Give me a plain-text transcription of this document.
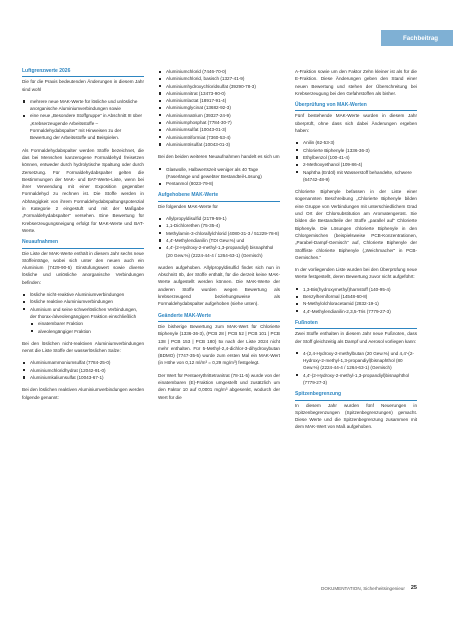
Fachbeitrag
Luftgrenzwerte 2026

Die für die Praxis bedeutenden Änderungen in diesem Jahr sind wohl

mehrere neue MAK-Werte für lösliche und unlösliche anorganische Aluminiumverbindungen sowie
eine neue „Besondere Stoffgruppe“ in Abschnitt III über „Krebserzeugende Arbeitsstoffe – Formaldehydabspalter“ mit Hinweisen zu der Bewertung der Arbeitsstoffe und Beispielen.

Als Formaldehydabspalter werden Stoffe bezeichnet, die das bei Menschen kanzerogene Formaldehyd freisetzen können, entweder durch hydrolytische Spaltung oder durch Zersetzung. Für Formaldehydabspalter gelten die Bestimmungen der MAK- und BAT-Werte-Liste, wenn bei ihrer Verwendung mit einer Exposition gegenüber Formaldehyd zu rechnen ist. Die Stoffe werden in Abhängigkeit von ihrem Formaldehydabspaltungspotenzial in Kategorie 2 eingestuft und mit der Maßgabe „Formaldehydabspalter“ versehen. Eine Bewertung für Krebserzeugungsneigung erfolgt für MAK-Werte und BAT-Werte.

Neuaufnahmen

Die Liste der MAK-Werte enthält in diesem Jahr sechs neue Stoffeinträge, wobei sich unter den neuen auch ein Aluminium (7429-90-5) Einstufungswert sowie diverse lösliche und unlösliche anorganische Verbindungen befinden:

lösliche nicht-reaktive Aluminiumverbindungen
lösliche reaktive Aluminiumverbindungen
Aluminium und seine schwerlöslichen Verbindungen, der thorax-/alveolengängigen Fraktion einschließlich
einatembarer Fraktion
alveolengängiger Fraktion

Bei den löslichen nicht-reaktiven Aluminiumverbindungen nennt die Liste Stoffe der wasserlöslichen Salze:

Aluminiumammoniumsulfat (7784-25-0)
Aluminiumchloridhydrat (12042-91-0)
Aluminiumkaliumsulfat (10043-67-1)

Bei den löslichen reaktiven Aluminiumverbindungen werden folgende genannt:

Aluminiumchlorid (7446-70-0)
Aluminiumchlorid, basisch (1327-41-9)
Aluminiumhydroxychloridsulfat (39290-78-3)
Aluminiumnitrat (13473-90-0)
Aluminiumlactat (18917-91-4)
Aluminiumglycinat (13682-92-3)
Aluminiumnatrium (39327-24-9)
Aluminiumphosphat (7784-30-7)
Aluminiumsulfat (10043-01-3)
Aluminiumtriformiat (7360-53-4)
Aluminiumtrisulfat (10043-01-3)

Bei den beiden weiteren Neuaufnahmen handelt es sich um

Glaswolle, Halbwertszeit weniger als 40 Tage (Faserlänge und gewebter Bestandteil-Lösung)
Pentanmol (8023-79-8)
Aufgehobene MAK-Werte

Die folgenden MAK-Werte für

Allylpropyldisulfid (2179-59-1)
1,1-Dichlorethen (75-35-4)
Methylamin-3-chlorallylchlorid (4080-31-3 / 51229-78-8)
4,4′-Methylendianilin (TDI Gew.%) und
4,4′-(2-Hydroxy-2-methyl-1,3-propandiyl) bisnaphthol (20 Gew.%) (2224-44-4 / 1264-63-1) (Gemisch)

wurden aufgehoben. Allylpropyldisulfid findet sich nun in Abschnitt IIb, der Stoffe enthält, für die derzeit keine MAK-Werte aufgestellt werden können. Die MAK-Werte der anderen Stoffe wurden wegen Bewertung als krebserzeugend beziehungsweise als Formaldehydabspalter aufgehoben (siehe unten).

Geänderte MAK-Werte

Die bisherige Bewertung zum MAK-Wert für Chlorierte Biphenyle (1336-36-3), (PCB 28 | PCB 52 | PCB 101 | PCB 138 | PCB 153 | PCB 180) 5x nach der Liste 2024 nicht mehr enthalten. Für 5-Methyl-2,4-dichlor-3-dihydroxybutan (BDMO) (7747-35-5) wurde zum ersten Mal ein MAK-Wert (in Höhe von 0,12 ml/m³ = 0,29 mg/m³) festgelegt.

Der Wert für Pentaerythrittetranitrat (78-11-5) wurde von der einatembaren (E)-Fraktion umgestellt und zusätzlich um den Faktor 10 auf 0,0001 mg/m³ abgesenkt, wodurch der Wert für die

A-Fraktion sowie um den Faktor Zehn kleiner ist als für die E-Fraktion. Diese Änderungen geben den Stand einer neuen Bewertung und stehen der Überschreitung bei Krebserzeugung bei den Gefahrstoffen als bisher.

Überprüfung von MAK-Werten

Fünf bestehende MAK-Werte wurden in diesem Jahr überprüft, ohne dass sich dabei Änderungen ergeben haben:

Anilin (62-53-3)
Chlorierte Biphenyle (1336-36-3)
Ethylbenzol (100-41-4)
2-Methoxyethanol (109-86-4)
Naphtha (Erdöl) mit Wasserstoff behandelte, schwere (64742-48-9)

Chlorierte Biphenyle befassen in der Liste einer sogenannten Beschreibung „Chlorierte Biphenyle bilden eine Gruppe von Verbindungen mit unterschiedlichem Grad und Ort der Chlorsubstitution am Aromatengerüst. Sie bilden die Bestandteile der Stoffe „parallel auf“ Chlorierte Biphenyle. Die Lösungen chlorierte Biphenyle in den Chlorgemischen (beispielsweise PCB-Konzentrationen, „Parabel-Dampf-Gemisch“ auf, Chlorierte Biphenyle der Stoffliste chlorierte Biphenyle („Weichmacher“ in PCB-Gemischen.“

In der vorliegenden Liste wurden bei den Überprüfung neue Werte festgestellt, deren Bewertung zuvor nicht aufgeführt:

1,3-Bis(hydroxymethyl)harnstoff (140-95-4)
Benzylhemiformal (14548-60-8)
N-Methylolchloracetamid (2832-19-1)
4,4′-Methylendianilin-2,3,5-Tris (7779-27-3)
Fußnoten

Zwei Stoffe enthalten in diesem Jahr neue Fußnoten, dass der Stoff gleichzeitig als Dampf und Aerosol vorliegen kann:

4-(2,4-Hydroxy-2-methylbutan (20 Gew.%) und 4,4′-(2-Hydroxy-2-methyl-1,3-propandiyl)bisnaphthol (80 Gew.%) (2224-44-4 / 1264-63-1) (Gemisch)
4,4′-(2-Hydroxy-2-methyl-1,3-propandiyl)bisnaphthol (7779-27-3)
Spitzenbegrenzung

In diesem Jahr wurden fünf Neuerungen in Spitzenbegrenzungen (Spitzenbegrenzungen) gemacht. Diese Werte und die Spitzenbegrenzung zusammen mit dem MAK-Wert von Maß aufgehoben.

DOKUMENTATION, Sicherheitsingenieur 25
